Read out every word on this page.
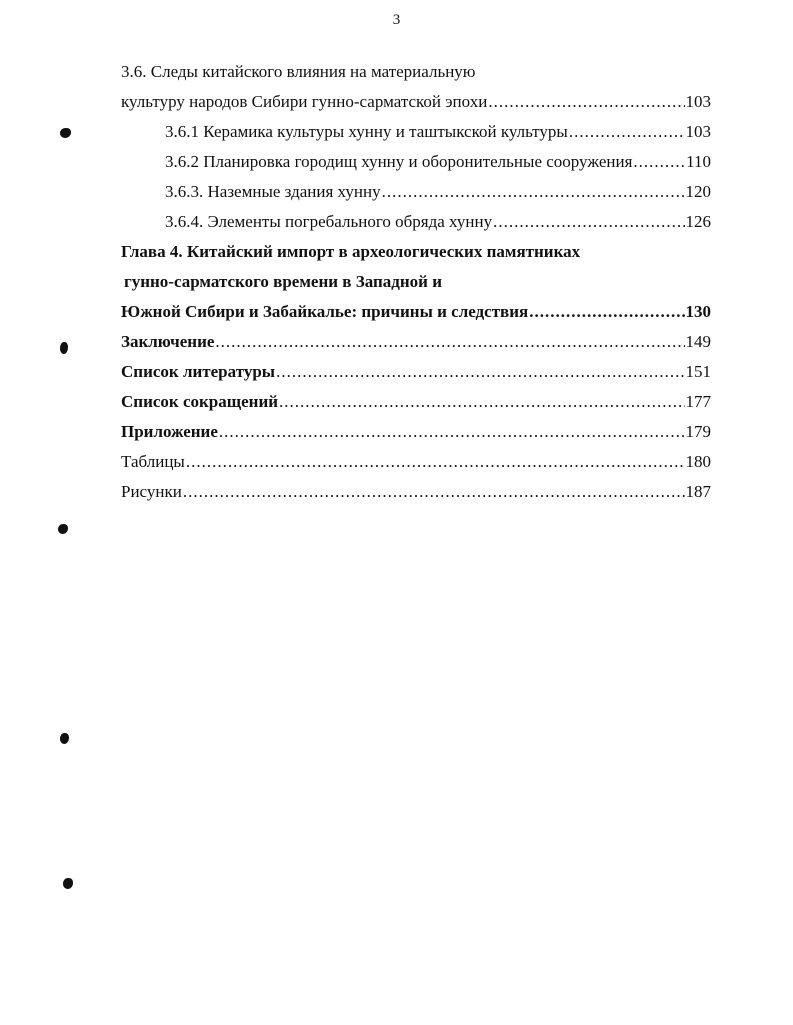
3
3.6. Следы китайского влияния на материальную
культуру народов Сибири гунно-сарматской эпохи .....	103
3.6.1 Керамика культуры хунну и таштыкской культуры .....	103
3.6.2 Планировка городищ хунну и оборонительные сооружения .....	110
3.6.3. Наземные здания хунну .....	120
3.6.4. Элементы погребального обряда хунну .....	126
Глава 4. Китайский импорт в археологических памятниках
гунно-сарматского времени в Западной и
Южной Сибири и Забайкалье: причины и следствия .....	130
Заключение .....	149
Список литературы .....	151
Список сокращений .....	177
Приложение .....	179
Таблицы .....	180
Рисунки .....	187
